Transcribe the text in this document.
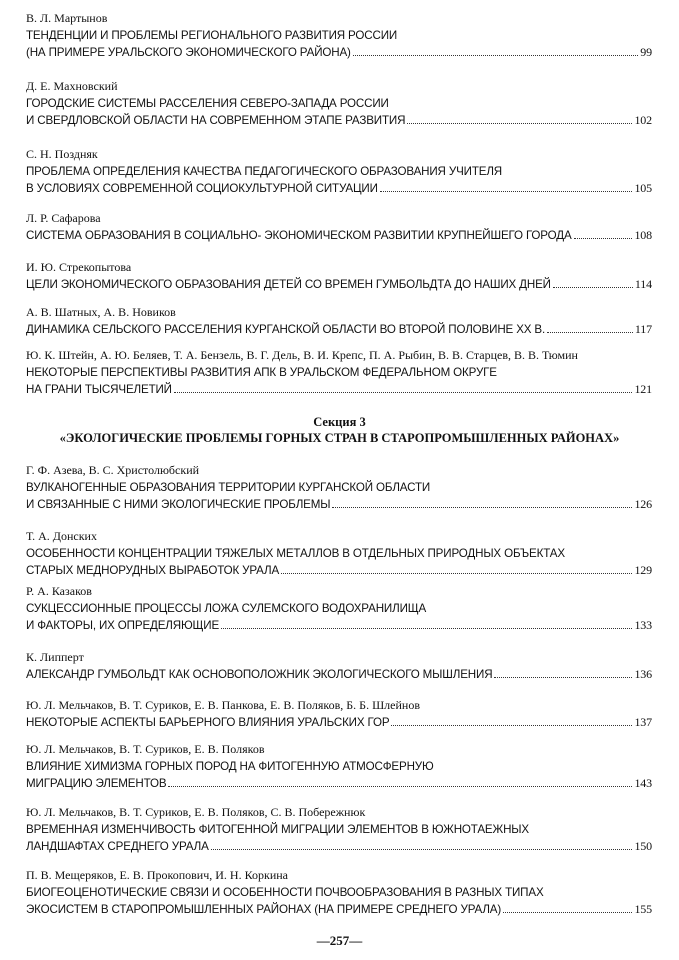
В. Л. Мартынов
ТЕНДЕНЦИИ И ПРОБЛЕМЫ РЕГИОНАЛЬНОГО РАЗВИТИЯ РОССИИ
(НА ПРИМЕРЕ УРАЛЬСКОГО ЭКОНОМИЧЕСКОГО РАЙОНА)	99
Д. Е. Махновский
ГОРОДСКИЕ СИСТЕМЫ РАССЕЛЕНИЯ СЕВЕРО-ЗАПАДА РОССИИ
И СВЕРДЛОВСКОЙ ОБЛАСТИ НА СОВРЕМЕННОМ ЭТАПЕ РАЗВИТИЯ	102
С. Н. Поздняк
ПРОБЛЕМА ОПРЕДЕЛЕНИЯ КАЧЕСТВА ПЕДАГОГИЧЕСКОГО ОБРАЗОВАНИЯ УЧИТЕЛЯ
В УСЛОВИЯХ СОВРЕМЕННОЙ СОЦИОКУЛЬТУРНОЙ СИТУАЦИИ	105
Л. Р. Сафарова
СИСТЕМА ОБРАЗОВАНИЯ В СОЦИАЛЬНО- ЭКОНОМИЧЕСКОМ РАЗВИТИИ КРУПНЕЙШЕГО ГОРОДА	108
И. Ю. Стрекопытова
ЦЕЛИ ЭКОНОМИЧЕСКОГО ОБРАЗОВАНИЯ ДЕТЕЙ СО ВРЕМЕН ГУМБОЛЬДТА ДО НАШИХ ДНЕЙ	114
А. В. Шатных, А. В. Новиков
ДИНАМИКА СЕЛЬСКОГО РАССЕЛЕНИЯ КУРГАНСКОЙ ОБЛАСТИ ВО ВТОРОЙ ПОЛОВИНЕ ХХ В.	117
Ю. К. Штейн, А. Ю. Беляев, Т. А. Бензель, В. Г. Дель, В. И. Крепс, П. А. Рыбин, В. В. Старцев, В. В. Тюмин
НЕКОТОРЫЕ ПЕРСПЕКТИВЫ РАЗВИТИЯ АПК В УРАЛЬСКОМ ФЕДЕРАЛЬНОМ ОКРУГЕ
НА ГРАНИ ТЫСЯЧЕЛЕТИЙ	121
Г. Ф. Азева, В. С. Христолюбский
ВУЛКАНОГЕННЫЕ ОБРАЗОВАНИЯ ТЕРРИТОРИИ КУРГАНСКОЙ ОБЛАСТИ
И СВЯЗАННЫЕ С НИМИ ЭКОЛОГИЧЕСКИЕ ПРОБЛЕМЫ	126
Т. А. Донских
ОСОБЕННОСТИ КОНЦЕНТРАЦИИ ТЯЖЕЛЫХ МЕТАЛЛОВ В ОТДЕЛЬНЫХ ПРИРОДНЫХ ОБЪЕКТАХ
СТАРЫХ МЕДНОРУДНЫХ ВЫРАБОТОК УРАЛА	129
Р. А. Казаков
СУКЦЕССИОННЫЕ ПРОЦЕССЫ ЛОЖА СУЛЕМСКОГО ВОДОХРАНИЛИЩА
И ФАКТОРЫ, ИХ ОПРЕДЕЛЯЮЩИЕ	133
К. Липперт
АЛЕКСАНДР ГУМБОЛЬДТ КАК ОСНОВОПОЛОЖНИК ЭКОЛОГИЧЕСКОГО МЫШЛЕНИЯ	136
Ю. Л. Мельчаков, В. Т. Суриков, Е. В. Панкова, Е. В. Поляков, Б. Б. Шлейнов
НЕКОТОРЫЕ АСПЕКТЫ БАРЬЕРНОГО ВЛИЯНИЯ УРАЛЬСКИХ ГОР	137
Ю. Л. Мельчаков, В. Т. Суриков, Е. В. Поляков
ВЛИЯНИЕ ХИМИЗМА ГОРНЫХ ПОРОД НА ФИТОГЕННУЮ АТМОСФЕРНУЮ
МИГРАЦИЮ ЭЛЕМЕНТОВ	143
Ю. Л. Мельчаков, В. Т. Суриков, Е. В. Поляков, С. В. Побережнюк
ВРЕМЕННАЯ ИЗМЕНЧИВОСТЬ ФИТОГЕННОЙ МИГРАЦИИ ЭЛЕМЕНТОВ В ЮЖНОТАЕЖНЫХ
ЛАНДШАФТАХ СРЕДНЕГО УРАЛА	150
П. В. Мещеряков, Е. В. Прокопович, И. Н. Коркина
БИОГЕОЦЕНОТИЧЕСКИЕ СВЯЗИ И ОСОБЕННОСТИ ПОЧВООБРАЗОВАНИЯ В РАЗНЫХ ТИПАХ
ЭКОСИСТЕМ В СТАРОПРОМЫШЛЕННЫХ РАЙОНАХ (НА ПРИМЕРЕ СРЕДНЕГО УРАЛА)	155
Секция 3
«ЭКОЛОГИЧЕСКИЕ ПРОБЛЕМЫ ГОРНЫХ СТРАН В СТАРОПРОМЫШЛЕННЫХ РАЙОНАХ»
—257—
